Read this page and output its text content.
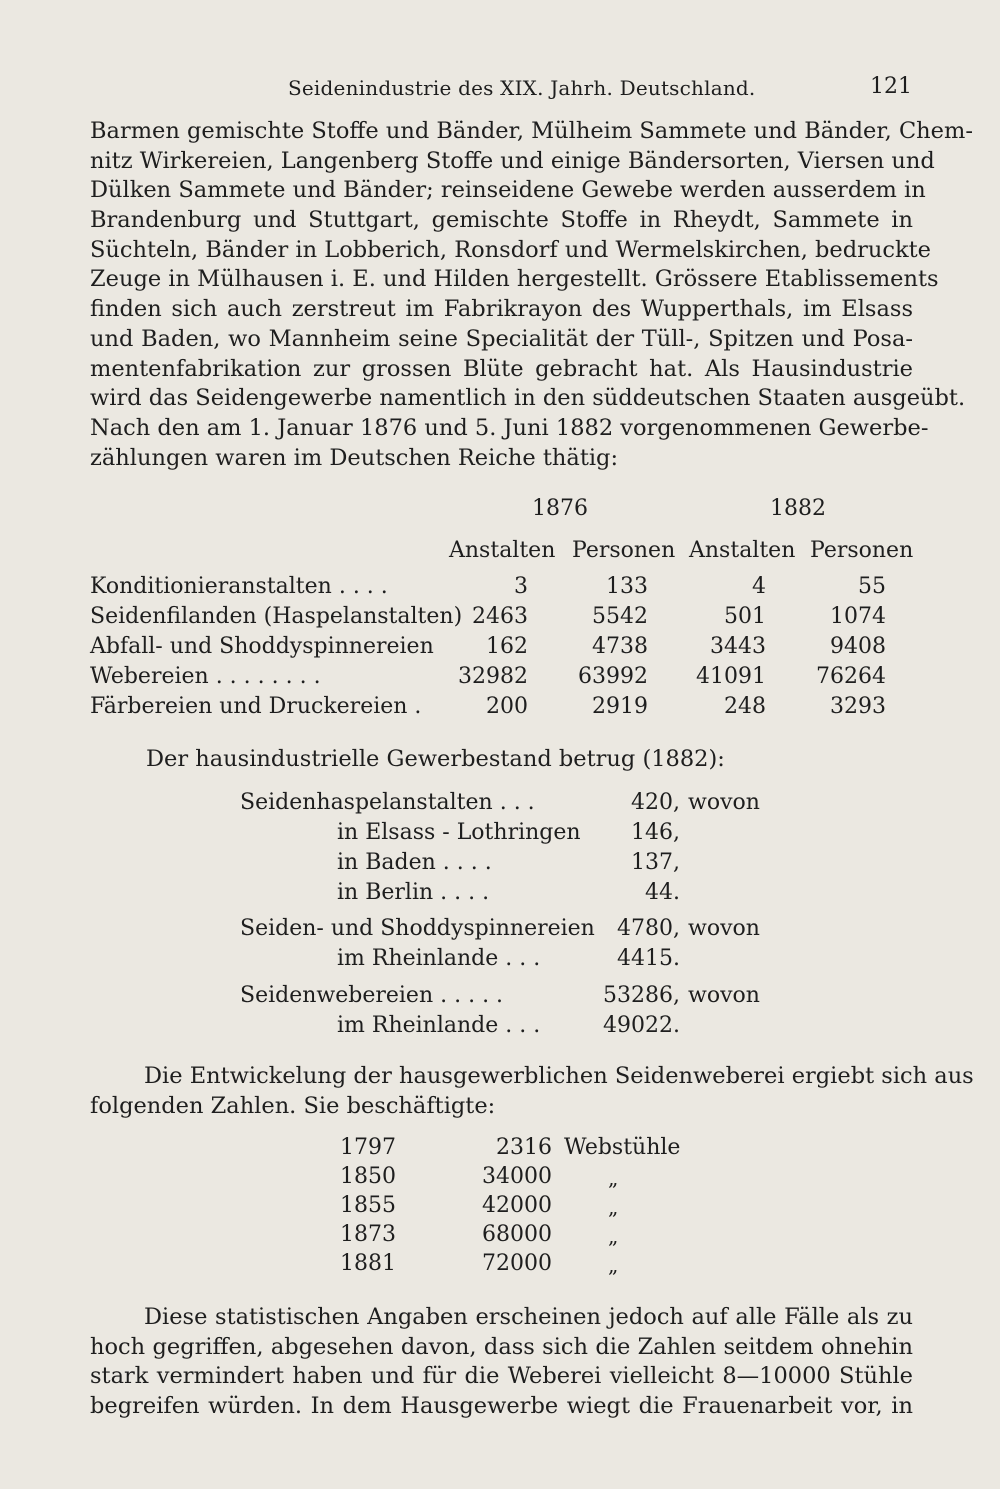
Seidenindustrie des XIX. Jahrh. Deutschland.	121
Barmen gemischte Stoffe und Bänder, Mülheim Sammete und Bänder, Chem-
nitz Wirkereien, Langenberg Stoffe und einige Bändersorten, Viersen und
Dülken Sammete und Bänder; reinseidene Gewebe werden ausserdem in
Brandenburg und Stuttgart, gemischte Stoffe in Rheydt, Sammete in
Süchteln, Bänder in Lobberich, Ronsdorf und Wermelskirchen, bedruckte
Zeuge in Mülhausen i. E. und Hilden hergestellt. Grössere Etablissements
finden sich auch zerstreut im Fabrikrayon des Wupperthals, im Elsass
und Baden, wo Mannheim seine Specialität der Tüll-, Spitzen und Posa-
mentenfabrikation zur grossen Blüte gebracht hat. Als Hausindustrie
wird das Seidengewerbe namentlich in den süddeutschen Staaten ausgeübt.
Nach den am 1. Januar 1876 und 5. Juni 1882 vorgenommenen Gewerbe-
zählungen waren im Deutschen Reiche thätig:
1876	1882
Anstalten Personen Anstalten Personen
Konditionieranstalten . . . .	3	133	4	55
Seidenfilanden (Haspelanstalten) 2463	5542	501	1074
Abfall- und Shoddyspinnereien	162	4738	3443	9408
Webereien . . . . . . . .	32982	63992	41091	76264
Färbereien und Druckereien .	200	2919	248	3293
Der hausindustrielle Gewerbestand betrug (1882):
Seidenhaspelanstalten . . .	420, wovon
in Elsass - Lothringen	146,
in Baden . . . .	137,
in Berlin . . . .	44.
Seiden- und Shoddyspinnereien	4780, wovon
im Rheinlande . . .	4415.
Seidenwebereien . . . . .	53286, wovon
im Rheinlande . . .	49022.
Die Entwickelung der hausgewerblichen Seidenweberei ergiebt sich aus
folgenden Zahlen. Sie beschäftigte:
1797	2316 Webstühle
1850	34000	„
1855	42000	„
1873	68000	„
1881	72000	„
Diese statistischen Angaben erscheinen jedoch auf alle Fälle als zu
hoch gegriffen, abgesehen davon, dass sich die Zahlen seitdem ohnehin
stark vermindert haben und für die Weberei vielleicht 8—10000 Stühle
begreifen würden. In dem Hausgewerbe wiegt die Frauenarbeit vor, in
